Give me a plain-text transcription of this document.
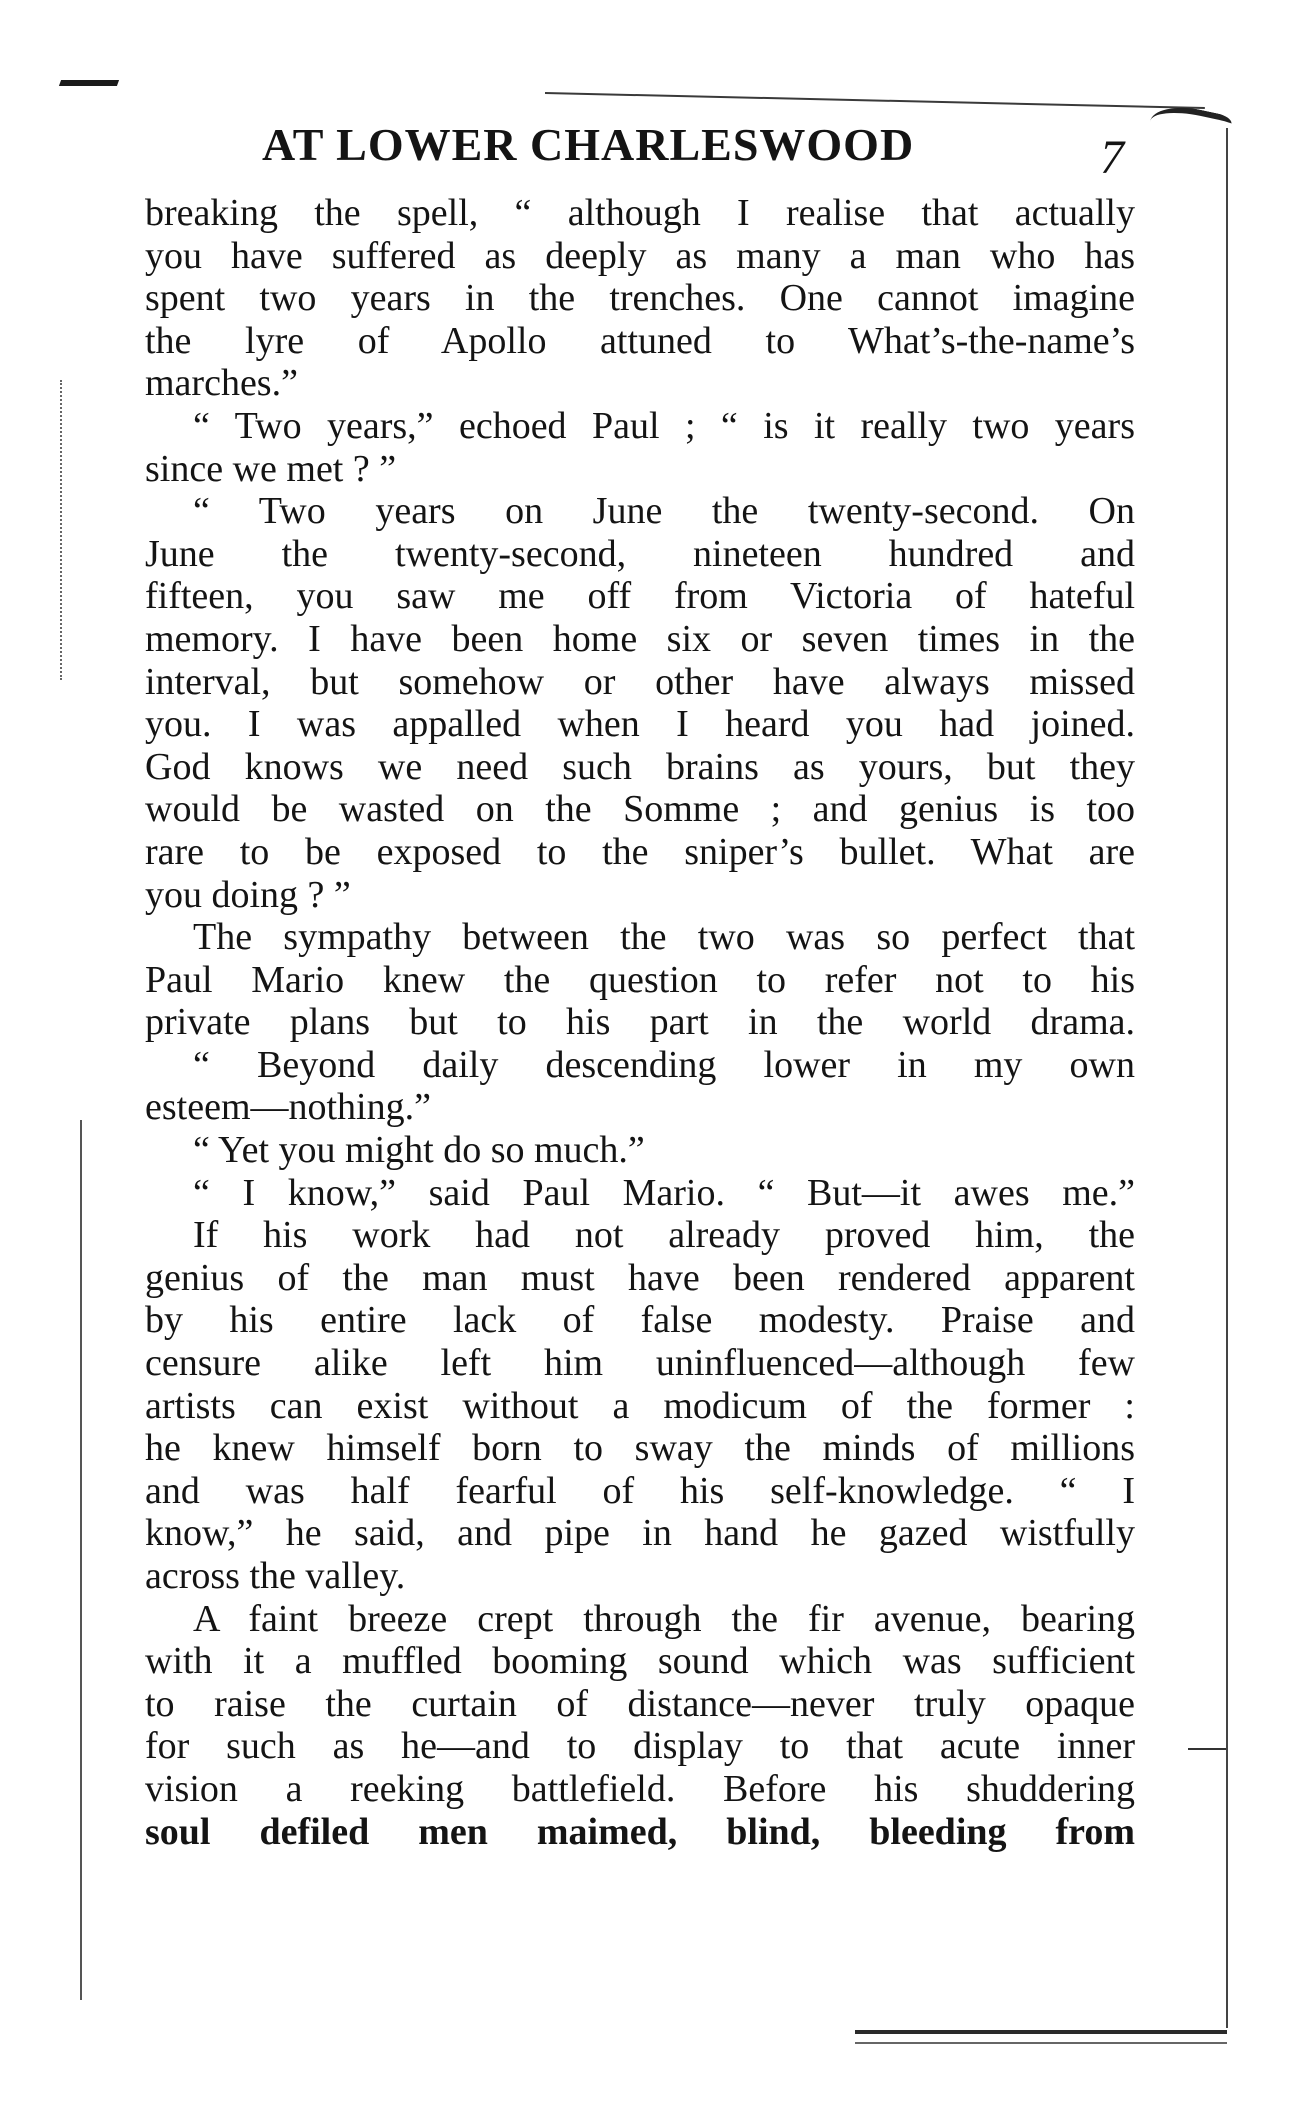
AT LOWER CHARLESWOOD	7
breaking the spell, “ although I realise that actually
you have suffered as deeply as many a man who has
spent two years in the trenches. One cannot imagine
the lyre of Apollo attuned to What’s-the-name’s
marches.”
“ Two years,” echoed Paul ; “ is it really two years
since we met ? ”
“ Two years on June the twenty-second. On
June the twenty-second, nineteen hundred and
fifteen, you saw me off from Victoria of hateful
memory. I have been home six or seven times in the
interval, but somehow or other have always missed
you. I was appalled when I heard you had joined.
God knows we need such brains as yours, but they
would be wasted on the Somme ; and genius is too
rare to be exposed to the sniper’s bullet. What are
you doing ? ”
The sympathy between the two was so perfect that
Paul Mario knew the question to refer not to his
private plans but to his part in the world drama.
“ Beyond daily descending lower in my own
esteem—nothing.”
“ Yet you might do so much.”
“ I know,” said Paul Mario. “ But—it awes me.”
If his work had not already proved him, the
genius of the man must have been rendered apparent
by his entire lack of false modesty. Praise and
censure alike left him uninfluenced—although few
artists can exist without a modicum of the former :
he knew himself born to sway the minds of millions
and was half fearful of his self-knowledge. “ I
know,” he said, and pipe in hand he gazed wistfully
across the valley.
A faint breeze crept through the fir avenue, bearing
with it a muffled booming sound which was sufficient
to raise the curtain of distance—never truly opaque
for such as he—and to display to that acute inner
vision a reeking battlefield. Before his shuddering
soul defiled men maimed, blind, bleeding from
